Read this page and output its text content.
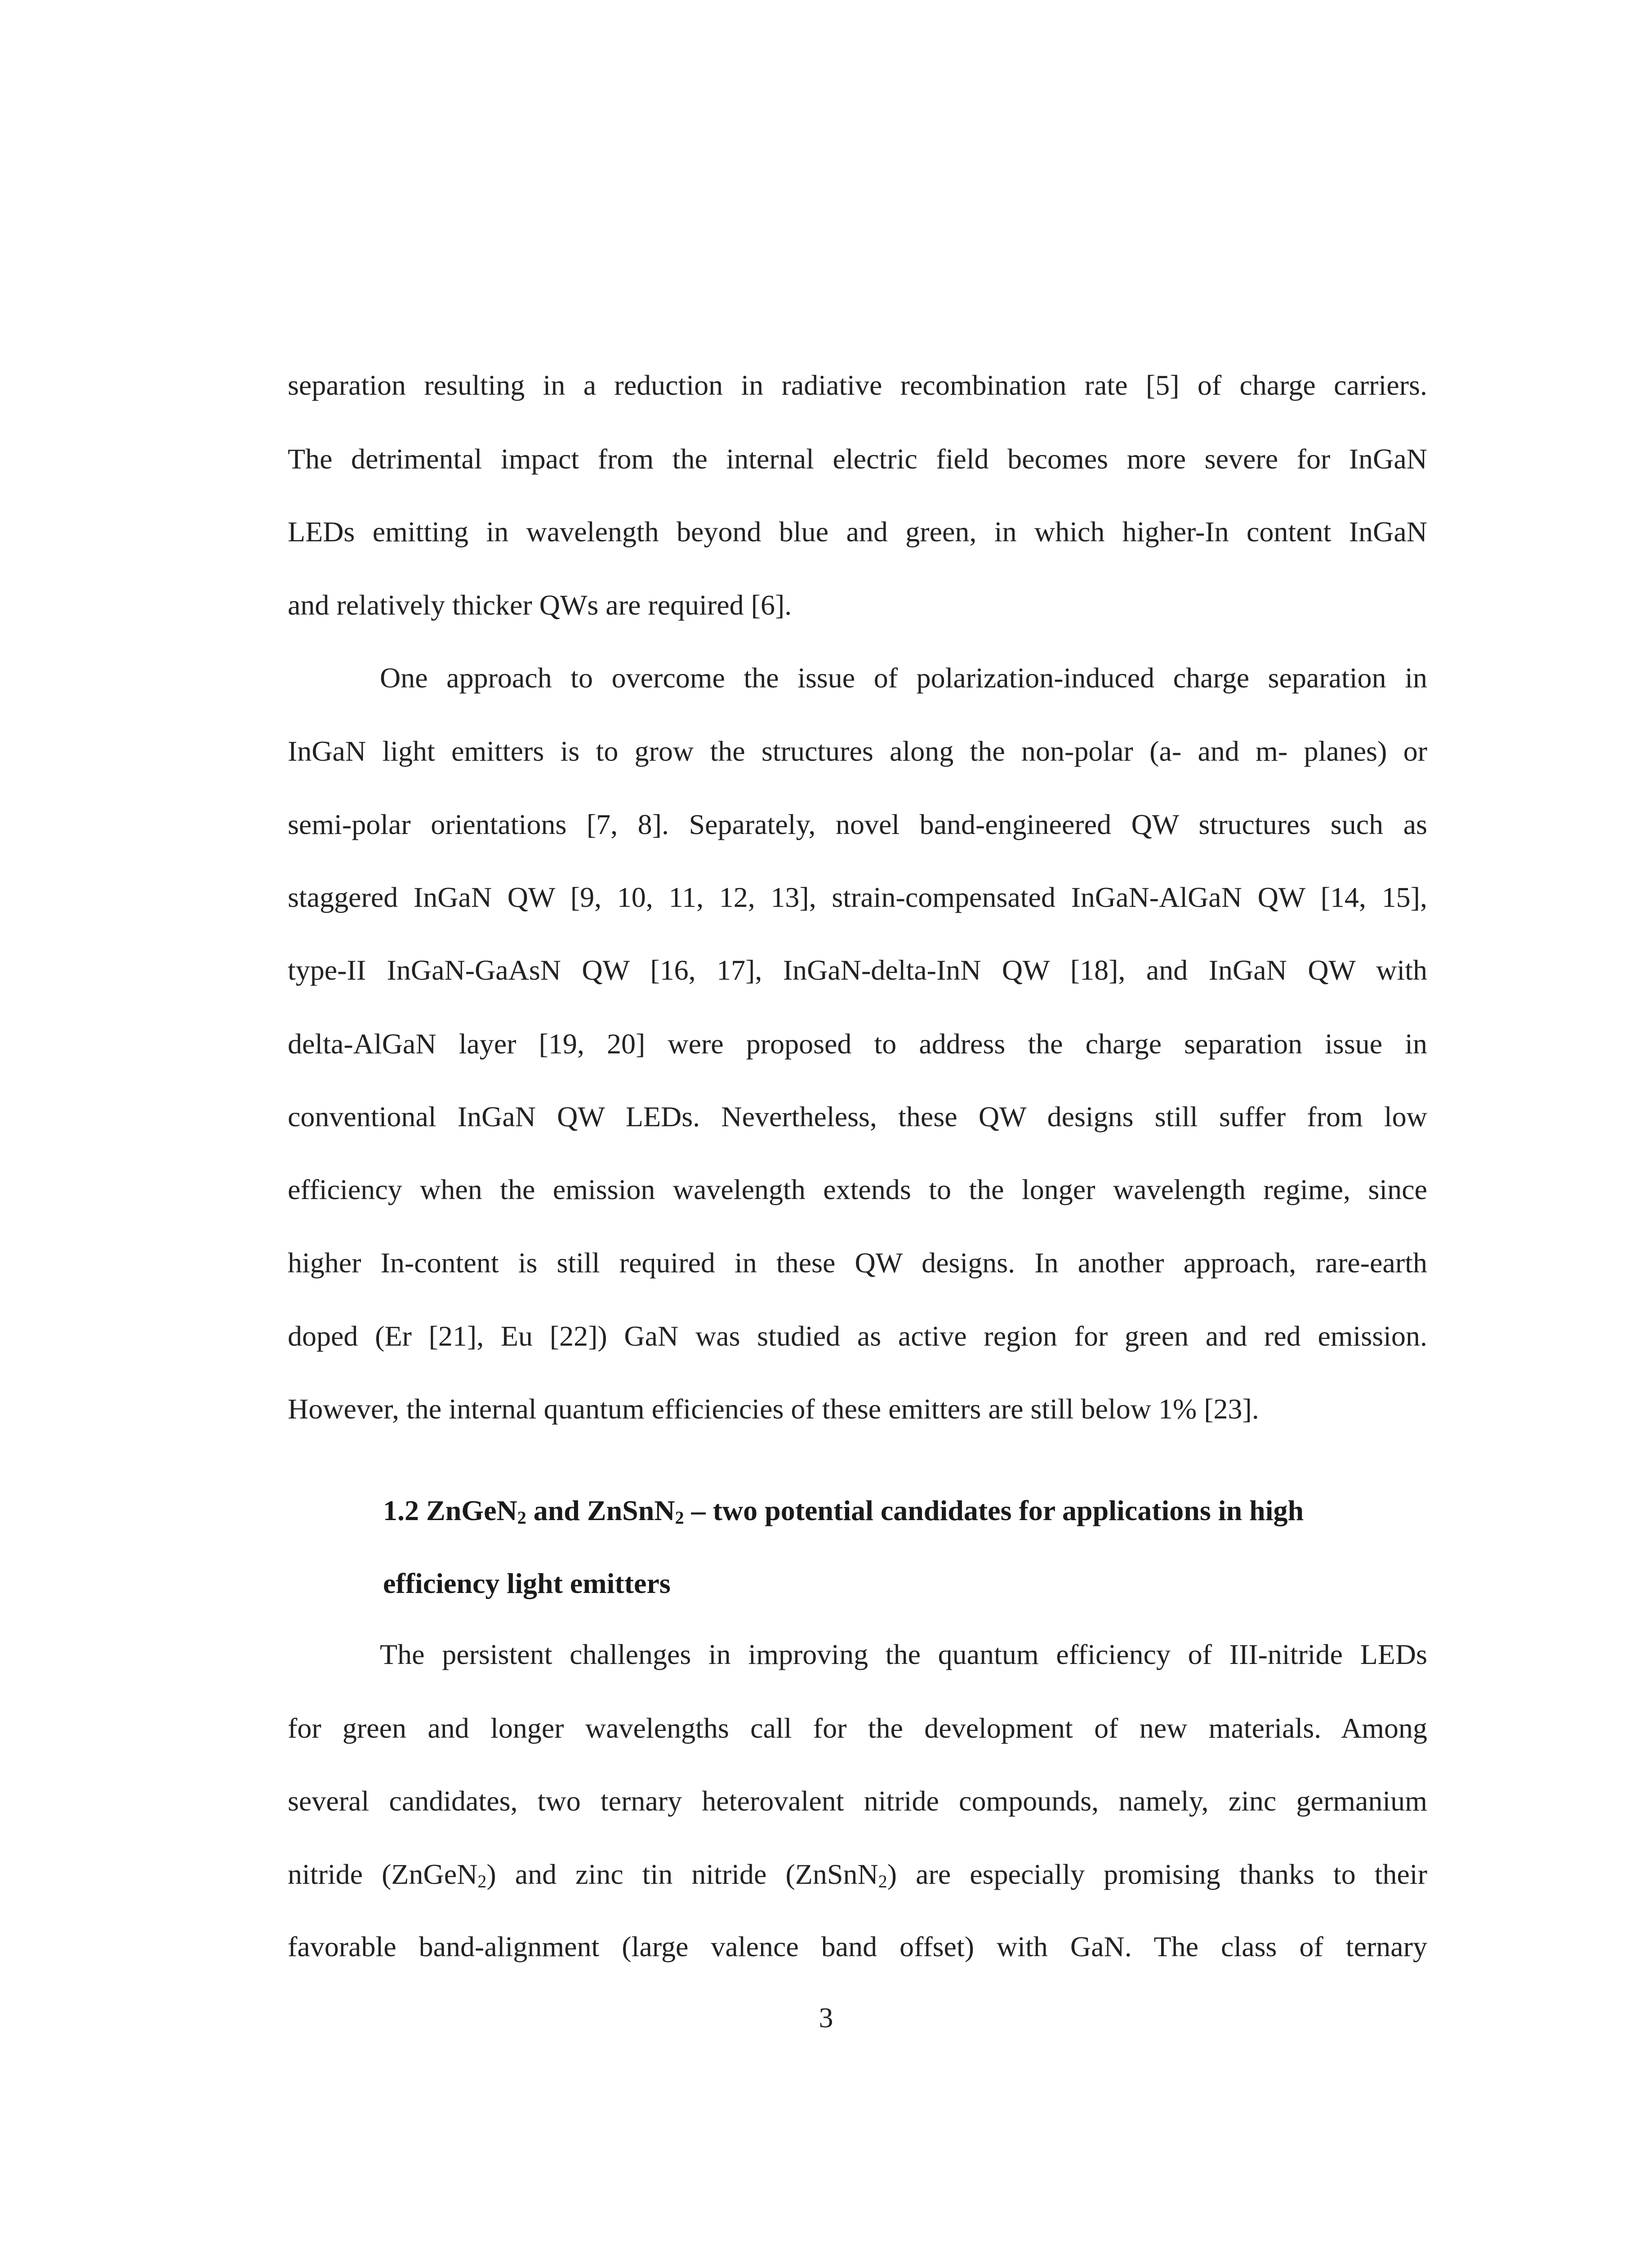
separation resulting in a reduction in radiative recombination rate [5] of charge carriers.
The detrimental impact from the internal electric field becomes more severe for InGaN
LEDs emitting in wavelength beyond blue and green, in which higher-In content InGaN
and relatively thicker QWs are required [6].
One approach to overcome the issue of polarization-induced charge separation in
InGaN light emitters is to grow the structures along the non-polar (a- and m- planes) or
semi-polar orientations [7, 8]. Separately, novel band-engineered QW structures such as
staggered InGaN QW [9, 10, 11, 12, 13], strain-compensated InGaN-AlGaN QW [14, 15],
type-II InGaN-GaAsN QW [16, 17], InGaN-delta-InN QW [18], and InGaN QW with
delta-AlGaN layer [19, 20] were proposed to address the charge separation issue in
conventional InGaN QW LEDs. Nevertheless, these QW designs still suffer from low
efficiency when the emission wavelength extends to the longer wavelength regime, since
higher In-content is still required in these QW designs. In another approach, rare-earth
doped (Er [21], Eu [22]) GaN was studied as active region for green and red emission.
However, the internal quantum efficiencies of these emitters are still below 1% [23].
1.2 ZnGeN$_2$ and ZnSnN$_2$ – two potential candidates for applications in high
efficiency light emitters
The persistent challenges in improving the quantum efficiency of III-nitride LEDs
for green and longer wavelengths call for the development of new materials. Among
several candidates, two ternary heterovalent nitride compounds, namely, zinc germanium
nitride (ZnGeN$_2$) and zinc tin nitride (ZnSnN$_2$) are especially promising thanks to their
favorable band-alignment (large valence band offset) with GaN. The class of ternary
3
